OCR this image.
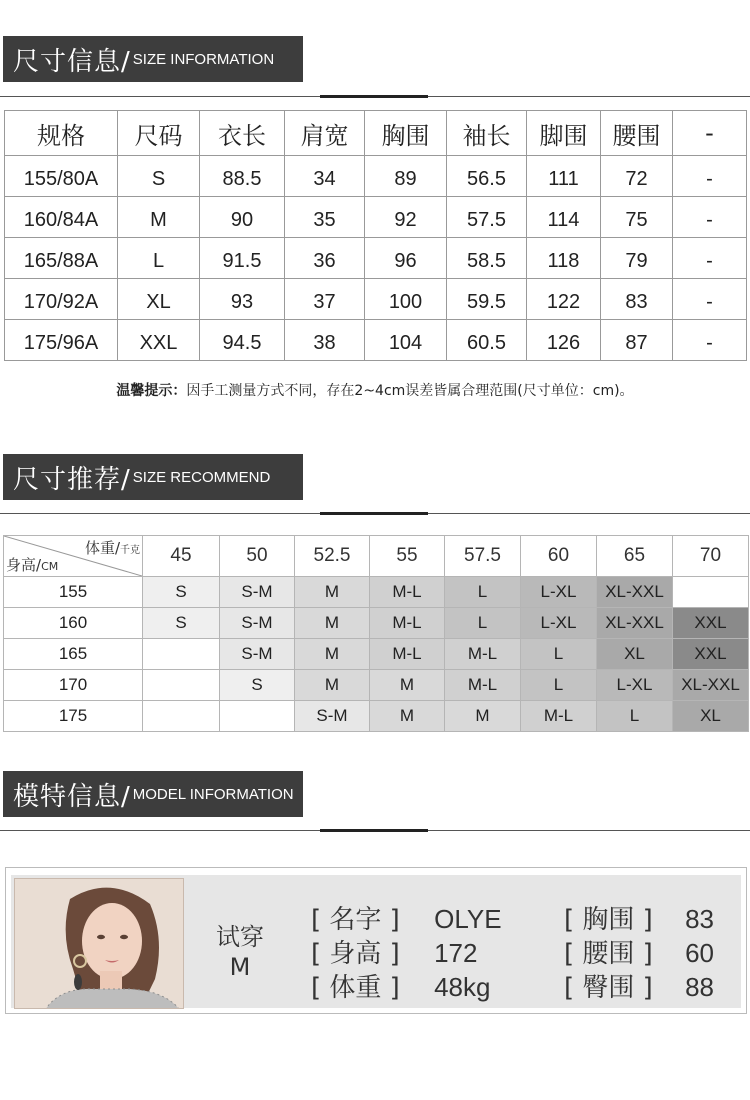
尺寸信息/ SIZE INFORMATION
规格	尺码	衣长	肩宽	胸围	袖长	脚围	腰围	-
155/80A	S	88.5	34	89	56.5	111	72	-
160/84A	M	90	35	92	57.5	114	75	-
165/88A	L	91.5	36	96	58.5	118	79	-
170/92A	XL	93	37	100	59.5	122	83	-
175/96A	XXL	94.5	38	104	60.5	126	87	-
温馨提示：因手工测量方式不同，存在2~4cm误差皆属合理范围(尺寸单位：cm)。
尺寸推荐/ SIZE RECOMMEND
体重/千克
身高/CM	45	50	52.5	55	57.5	60	65	70
155	S	S-M	M	M-L	L	L-XL	XL-XXL	
160	S	S-M	M	M-L	L	L-XL	XL-XXL	XXL
165		S-M	M	M-L	M-L	L	XL	XXL
170		S	M	M	M-L	L	L-XL	XL-XXL
175			S-M	M	M	M-L	L	XL
模特信息/ MODEL INFORMATION
试穿
M
[ 名字 ] OLYE
[ 身高 ] 172
[ 体重 ] 48kg
[ 胸围 ] 83
[ 腰围 ] 60
[ 臀围 ] 88
